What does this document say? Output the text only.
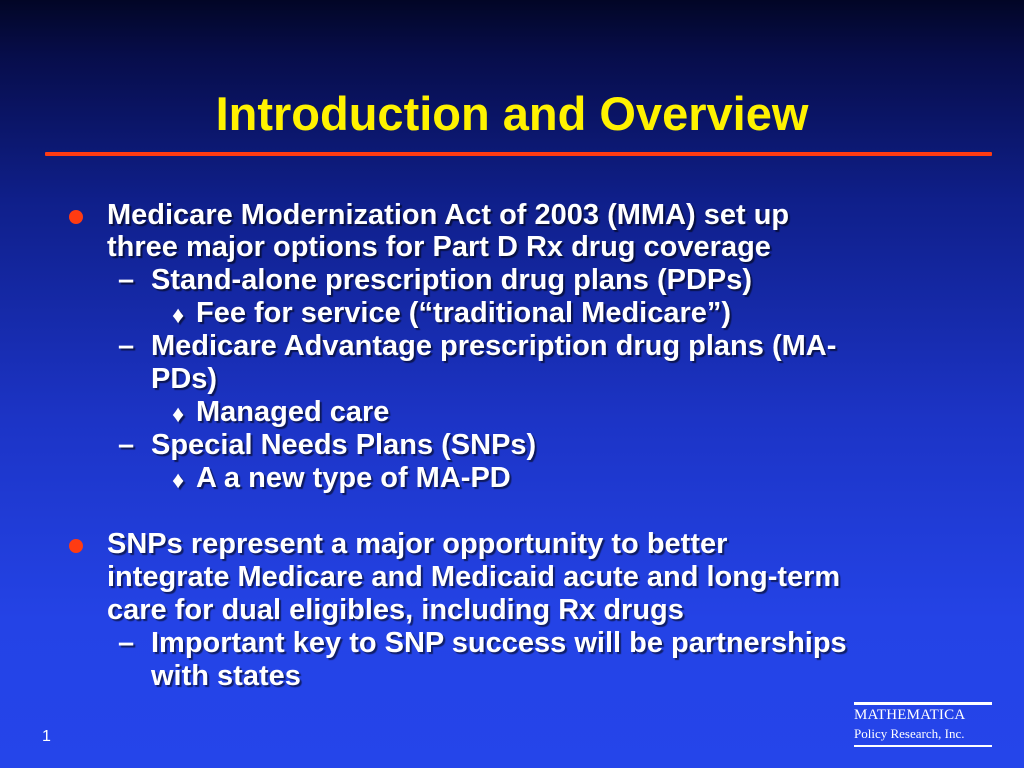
Introduction and Overview
Medicare Modernization Act of 2003 (MMA) set up
three major options for Part D Rx drug coverage
– Stand-alone prescription drug plans (PDPs)
♦ Fee for service (“traditional Medicare”)
– Medicare Advantage prescription drug plans (MA-
PDs)
♦ Managed care
– Special Needs Plans (SNPs)
♦ A a new type of MA-PD
SNPs represent a major opportunity to better
integrate Medicare and Medicaid acute and long-term
care for dual eligibles, including Rx drugs
– Important key to SNP success will be partnerships
with states
1
MATHEMATICA
Policy Research, Inc.
